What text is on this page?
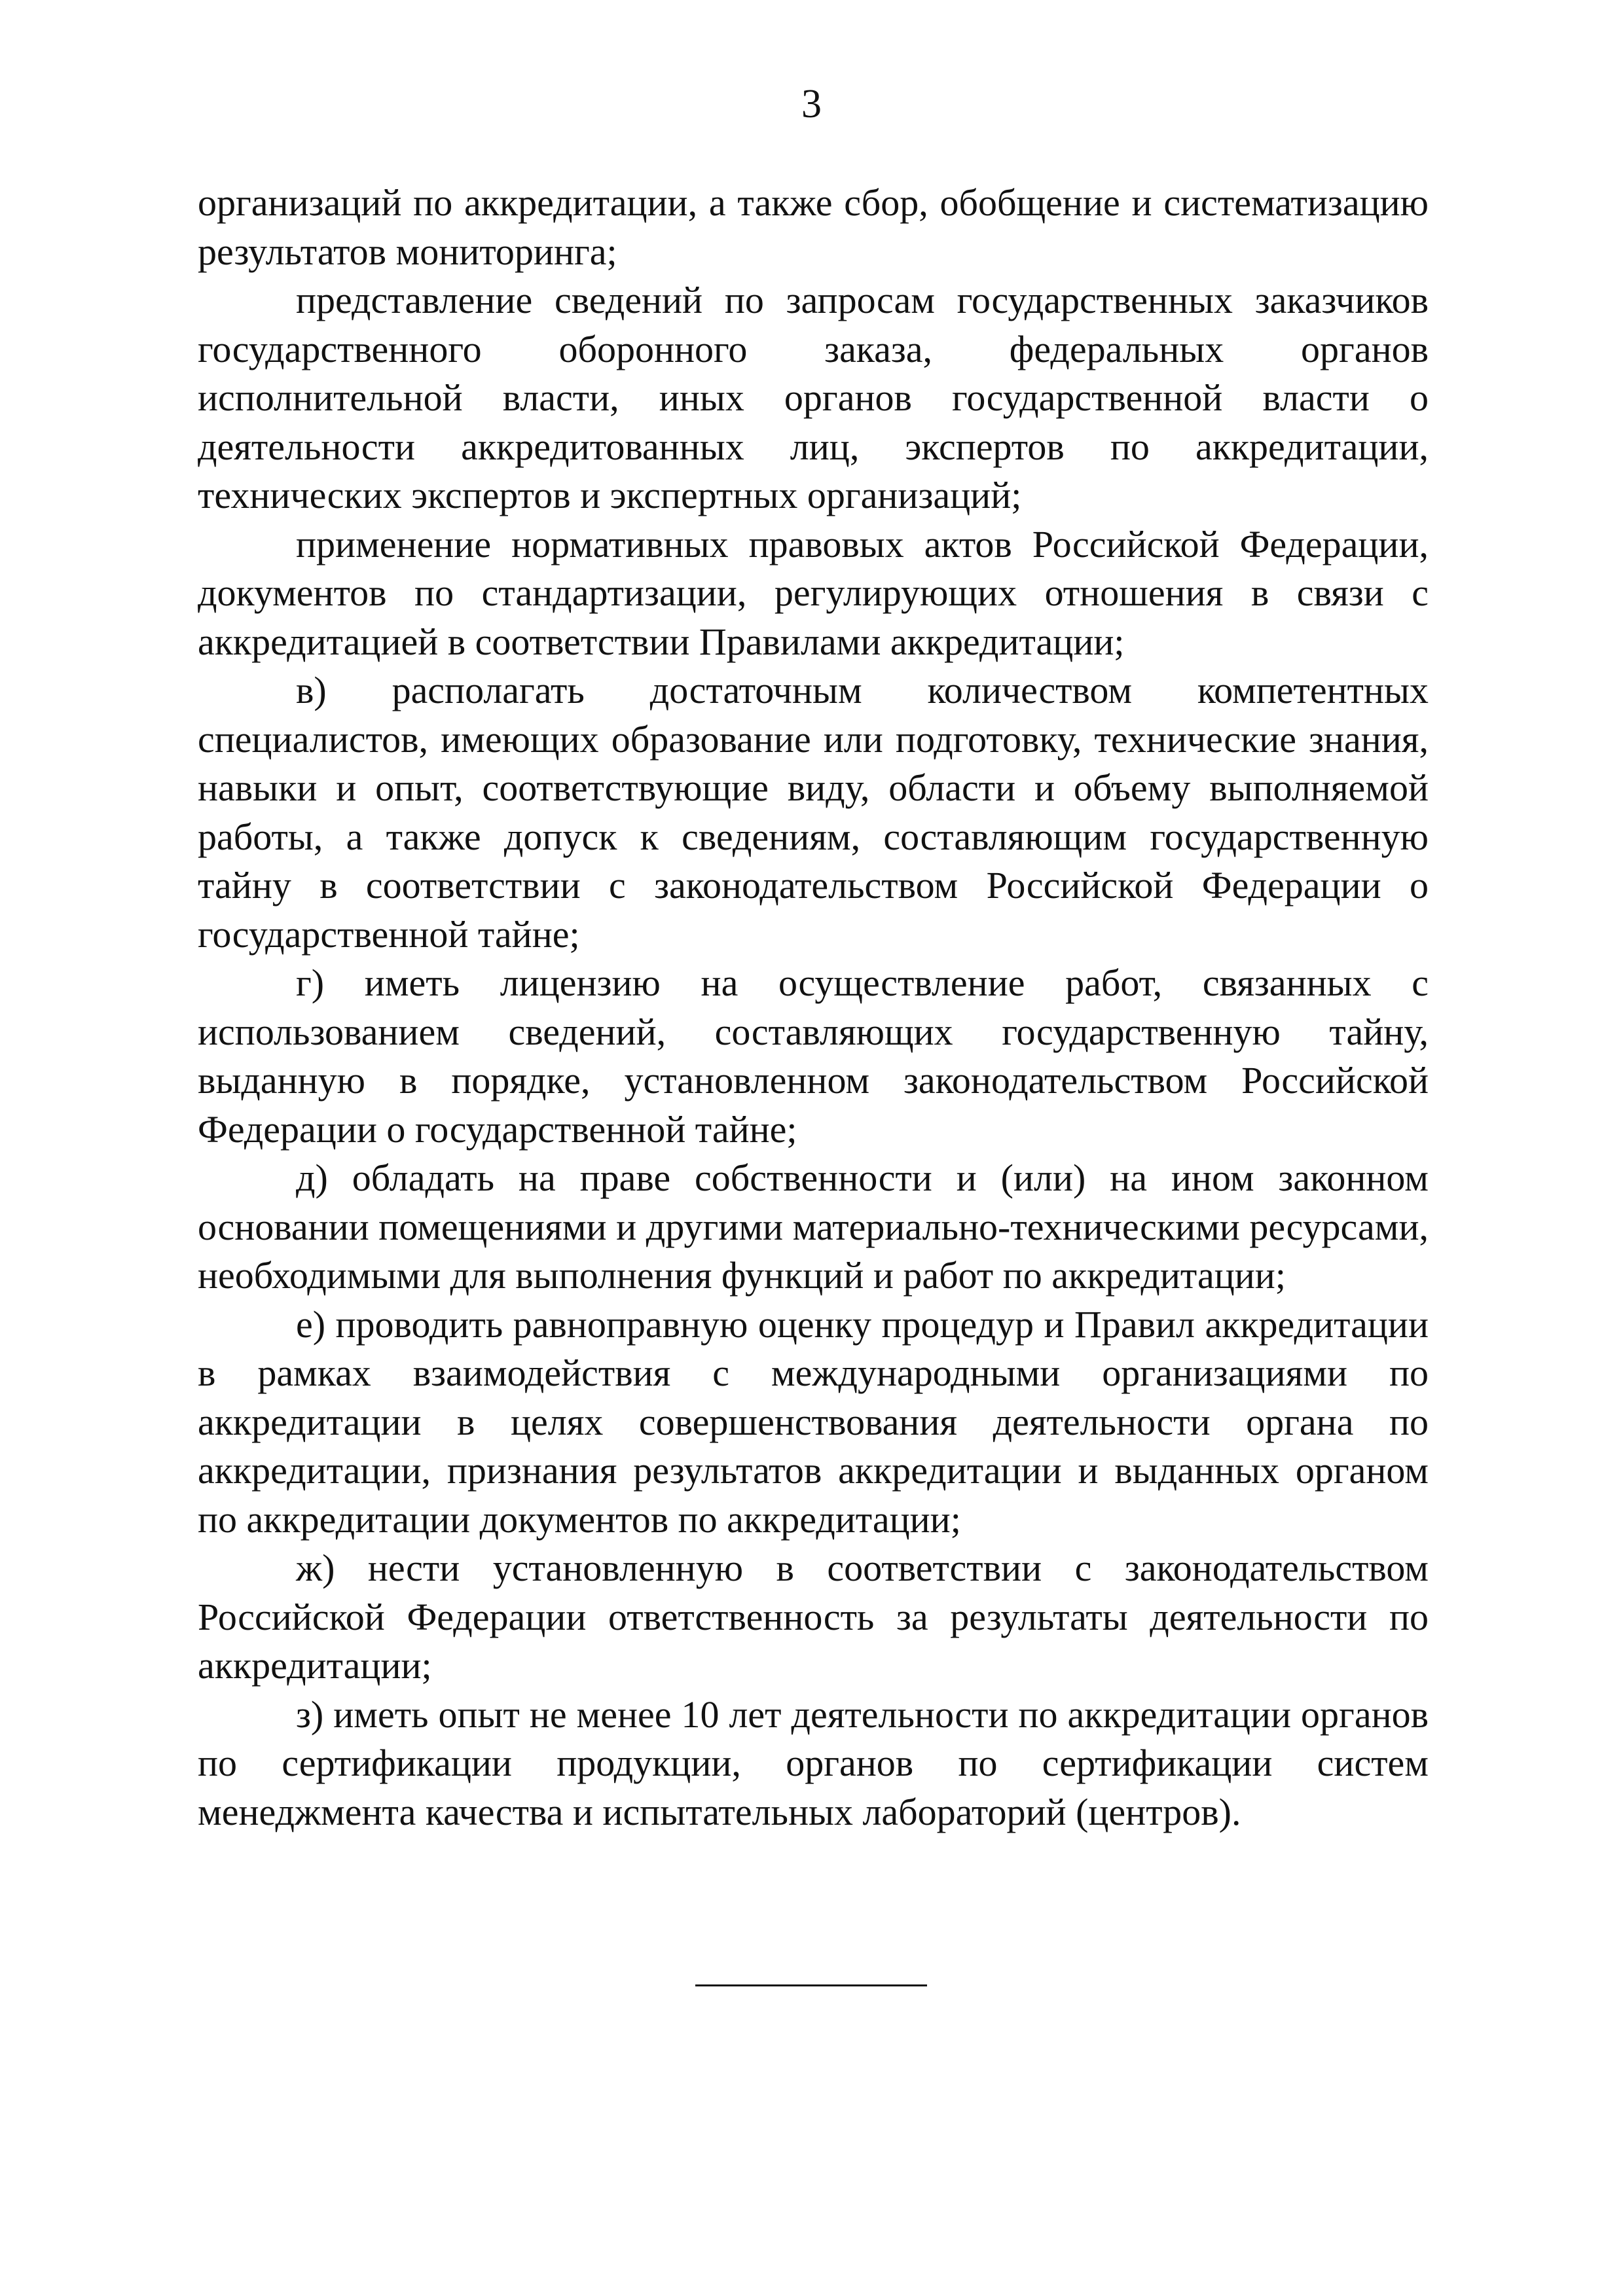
3

организаций по аккредитации, а также сбор, обобщение и систематизацию результатов мониторинга;

представление сведений по запросам государственных заказчиков государственного оборонного заказа, федеральных органов исполнительной власти, иных органов государственной власти о деятельности аккредитованных лиц, экспертов по аккредитации, технических экспертов и экспертных организаций;

применение нормативных правовых актов Российской Федерации, документов по стандартизации, регулирующих отношения в связи с аккредитацией в соответствии Правилами аккредитации;

в) располагать достаточным количеством компетентных специалистов, имеющих образование или подготовку, технические знания, навыки и опыт, соответствующие виду, области и объему выполняемой работы, а также допуск к сведениям, составляющим государственную тайну в соответствии с законодательством Российской Федерации о государственной тайне;

г) иметь лицензию на осуществление работ, связанных с использованием сведений, составляющих государственную тайну, выданную в порядке, установленном законодательством Российской Федерации о государственной тайне;

д) обладать на праве собственности и (или) на ином законном основании помещениями и другими материально-техническими ресурсами, необходимыми для выполнения функций и работ по аккредитации;

е) проводить равноправную оценку процедур и Правил аккредитации в рамках взаимодействия с международными организациями по аккредитации в целях совершенствования деятельности органа по аккредитации, признания результатов аккредитации и выданных органом по аккредитации документов по аккредитации;

ж) нести установленную в соответствии с законодательством Российской Федерации ответственность за результаты деятельности по аккредитации;

з) иметь опыт не менее 10 лет деятельности по аккредитации органов по сертификации продукции, органов по сертификации систем менеджмента качества и испытательных лабораторий (центров).
